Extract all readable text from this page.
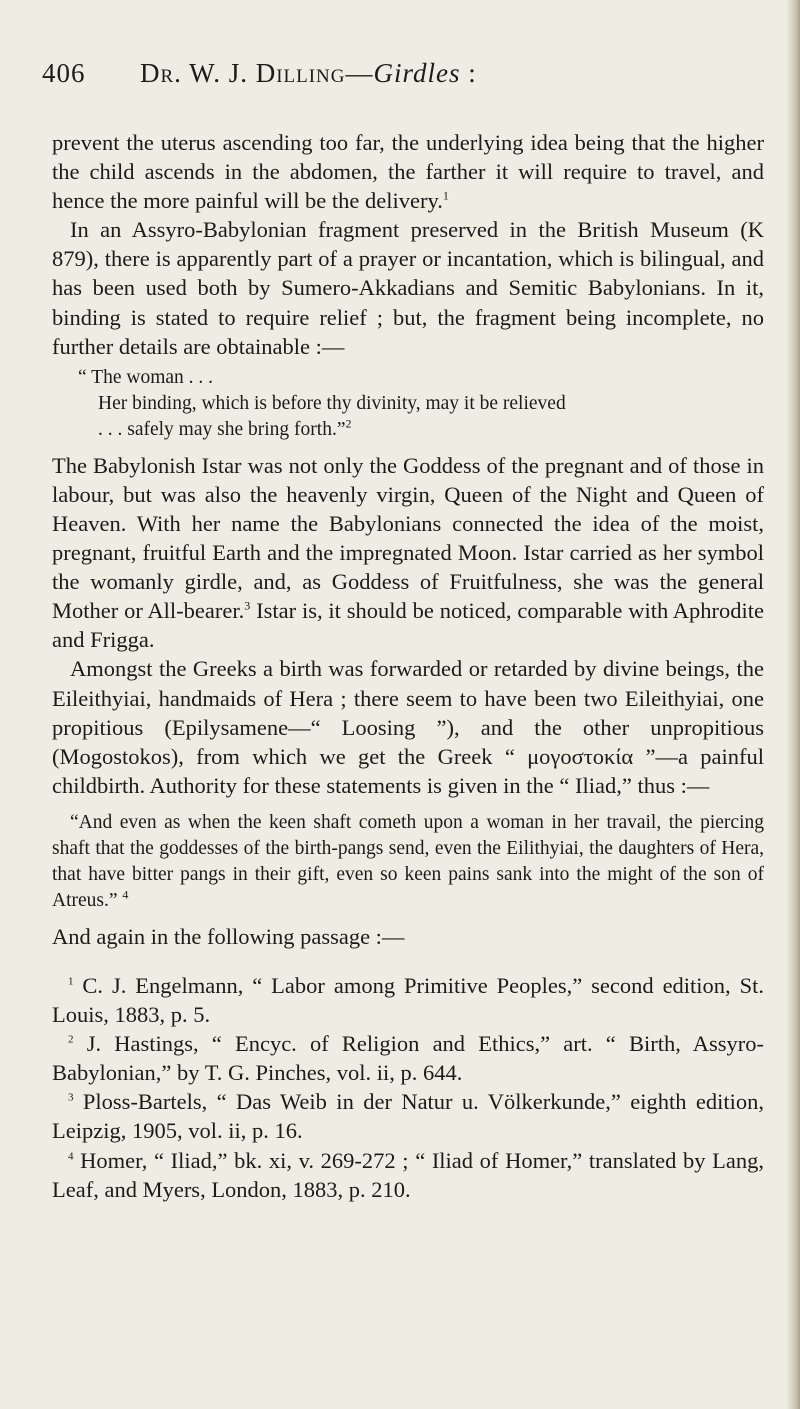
406 Dr. W. J. Dilling—Girdles :

prevent the uterus ascending too far, the underlying idea being that the higher the child ascends in the abdomen, the farther it will require to travel, and hence the more painful will be the delivery.$^1$

In an Assyro-Babylonian fragment preserved in the British Museum (K 879), there is apparently part of a prayer or incantation, which is bilingual, and has been used both by Sumero-Akkadians and Semitic Babylonians. In it, binding is stated to require relief ; but, the fragment being incomplete, no further details are obtainable :—

“ The woman . . .
Her binding, which is before thy divinity, may it be relieved
. . . safely may she bring forth.”$^2$

The Babylonish Istar was not only the Goddess of the pregnant and of those in labour, but was also the heavenly virgin, Queen of the Night and Queen of Heaven. With her name the Babylonians connected the idea of the moist, pregnant, fruitful Earth and the impregnated Moon. Istar carried as her symbol the womanly girdle, and, as Goddess of Fruitfulness, she was the general Mother or All-bearer.$^3$ Istar is, it should be noticed, comparable with Aphrodite and Frigga.

Amongst the Greeks a birth was forwarded or retarded by divine beings, the Eileithyiai, handmaids of Hera ; there seem to have been two Eileithyiai, one propitious (Epilysamene—“ Loosing ”), and the other unpropitious (Mogostokos), from which we get the Greek “ μογοστοκία ”—a painful childbirth. Authority for these statements is given in the “ Iliad,” thus :—

“And even as when the keen shaft cometh upon a woman in her travail, the piercing shaft that the goddesses of the birth-pangs send, even the Eilithyiai, the daughters of Hera, that have bitter pangs in their gift, even so keen pains sank into the might of the son of Atreus.” $^4$

And again in the following passage :—

$^1$ C. J. Engelmann, “ Labor among Primitive Peoples,” second edition, St. Louis, 1883, p. 5.

$^2$ J. Hastings, “ Encyc. of Religion and Ethics,” art. “ Birth, Assyro-Babylonian,” by T. G. Pinches, vol. ii, p. 644.

$^3$ Ploss-Bartels, “ Das Weib in der Natur u. Völkerkunde,” eighth edition, Leipzig, 1905, vol. ii, p. 16.

$^4$ Homer, “ Iliad,” bk. xi, v. 269-272 ; “ Iliad of Homer,” translated by Lang, Leaf, and Myers, London, 1883, p. 210.
